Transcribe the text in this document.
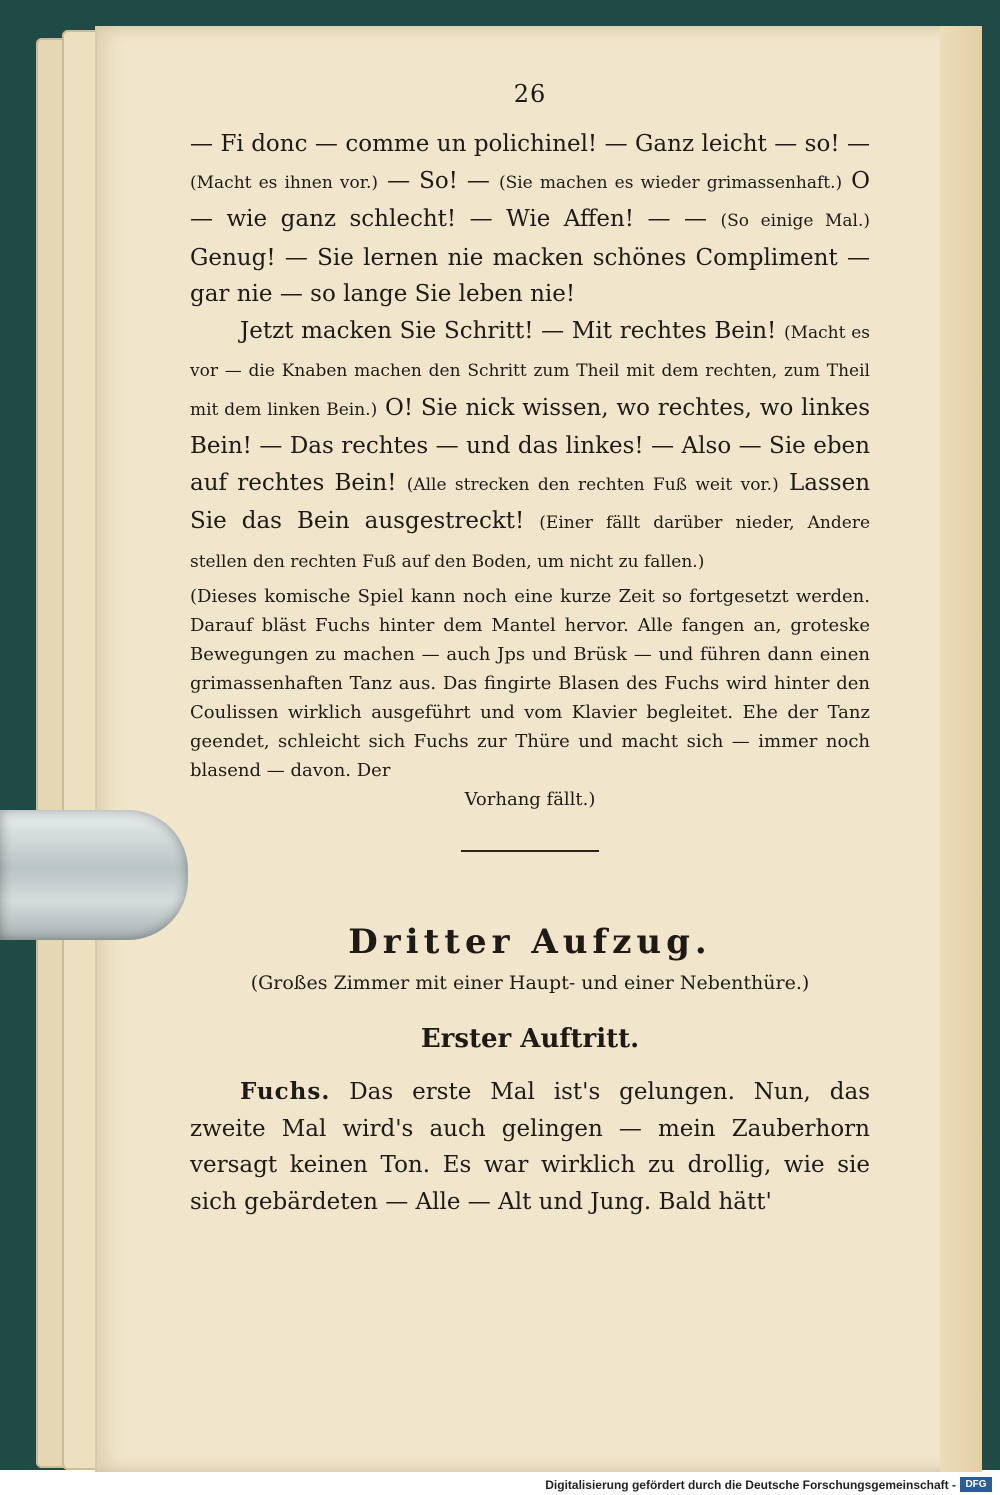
26

— Fi donc — comme un polichinel! — Ganz leicht — so! — (Macht es ihnen vor.) — So! — (Sie machen es wieder grimassenhaft.) O — wie ganz schlecht! — Wie Affen! — — (So einige Mal.) Genug! — Sie lernen nie macken schönes Compliment — gar nie — so lange Sie leben nie!

Jetzt macken Sie Schritt! — Mit rechtes Bein! (Macht es vor — die Knaben machen den Schritt zum Theil mit dem rechten, zum Theil mit dem linken Bein.) O! Sie nick wissen, wo rechtes, wo linkes Bein! — Das rechtes — und das linkes! — Also — Sie eben auf rechtes Bein! (Alle strecken den rechten Fuß weit vor.) Lassen Sie das Bein ausgestreckt! (Einer fällt darüber nieder, Andere stellen den rechten Fuß auf den Boden, um nicht zu fallen.)

(Dieses komische Spiel kann noch eine kurze Zeit so fortgesetzt werden. Darauf bläst Fuchs hinter dem Mantel hervor. Alle fangen an, groteske Bewegungen zu machen — auch Jps und Brüsk — und führen dann einen grimassenhaften Tanz aus. Das fingirte Blasen des Fuchs wird hinter den Coulissen wirklich ausgeführt und vom Klavier begleitet. Ehe der Tanz geendet, schleicht sich Fuchs zur Thüre und macht sich — immer noch blasend — davon. Der

Vorhang fällt.)

Dritter Aufzug.

(Großes Zimmer mit einer Haupt- und einer Nebenthüre.)

Erster Auftritt.

Fuchs. Das erste Mal ist's gelungen. Nun, das zweite Mal wird's auch gelingen — mein Zauberhorn versagt keinen Ton. Es war wirklich zu drollig, wie sie sich gebärdeten — Alle — Alt und Jung. Bald hätt'

Digitalisierung gefördert durch die Deutsche Forschungsgemeinschaft - DFG
